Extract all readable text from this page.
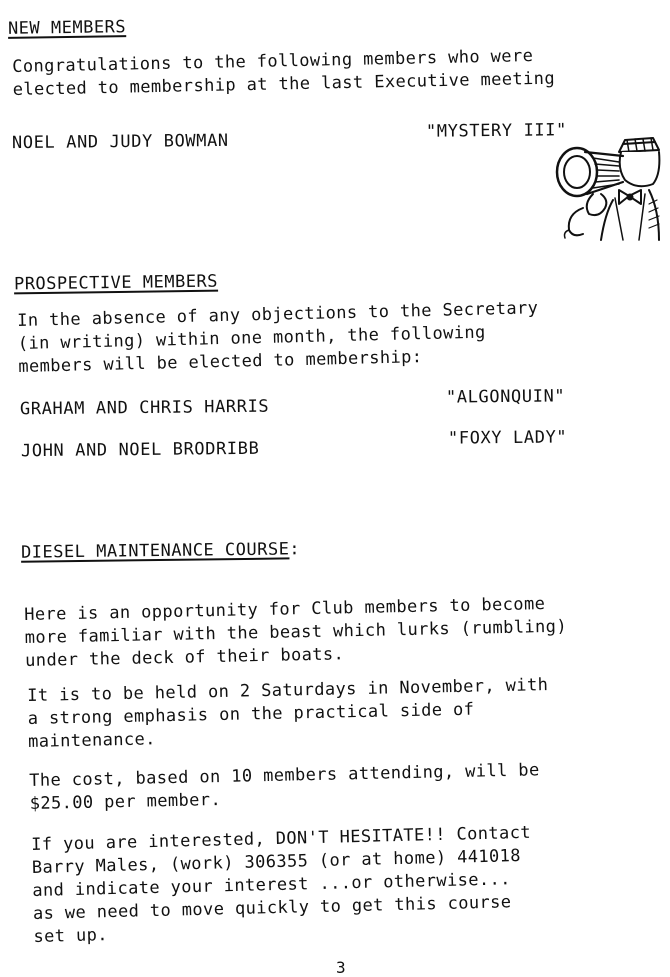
NEW MEMBERS
Congratulations to the following members who were
elected to membership at the last Executive meeting
NOEL AND JUDY BOWMAN	"MYSTERY III"
PROSPECTIVE MEMBERS
In the absence of any objections to the Secretary
(in writing) within one month, the following
members will be elected to membership:
GRAHAM AND CHRIS HARRIS	"ALGONQUIN"
JOHN AND NOEL BRODRIBB
"FOXY LADY"
DIESEL MAINTENANCE COURSE:
Here is an opportunity for Club members to become
more familiar with the beast which lurks (rumbling)
under the deck of their boats.
It is to be held on 2 Saturdays in November, with
a strong emphasis on the practical side of
maintenance.
The cost, based on 10 members attending, will be
$25.00 per member.
If you are interested, DON'T HESITATE!! Contact
Barry Males, (work) 306355 (or at home) 441018
and indicate your interest ...or otherwise...
as we need to move quickly to get this course
set up.
3
